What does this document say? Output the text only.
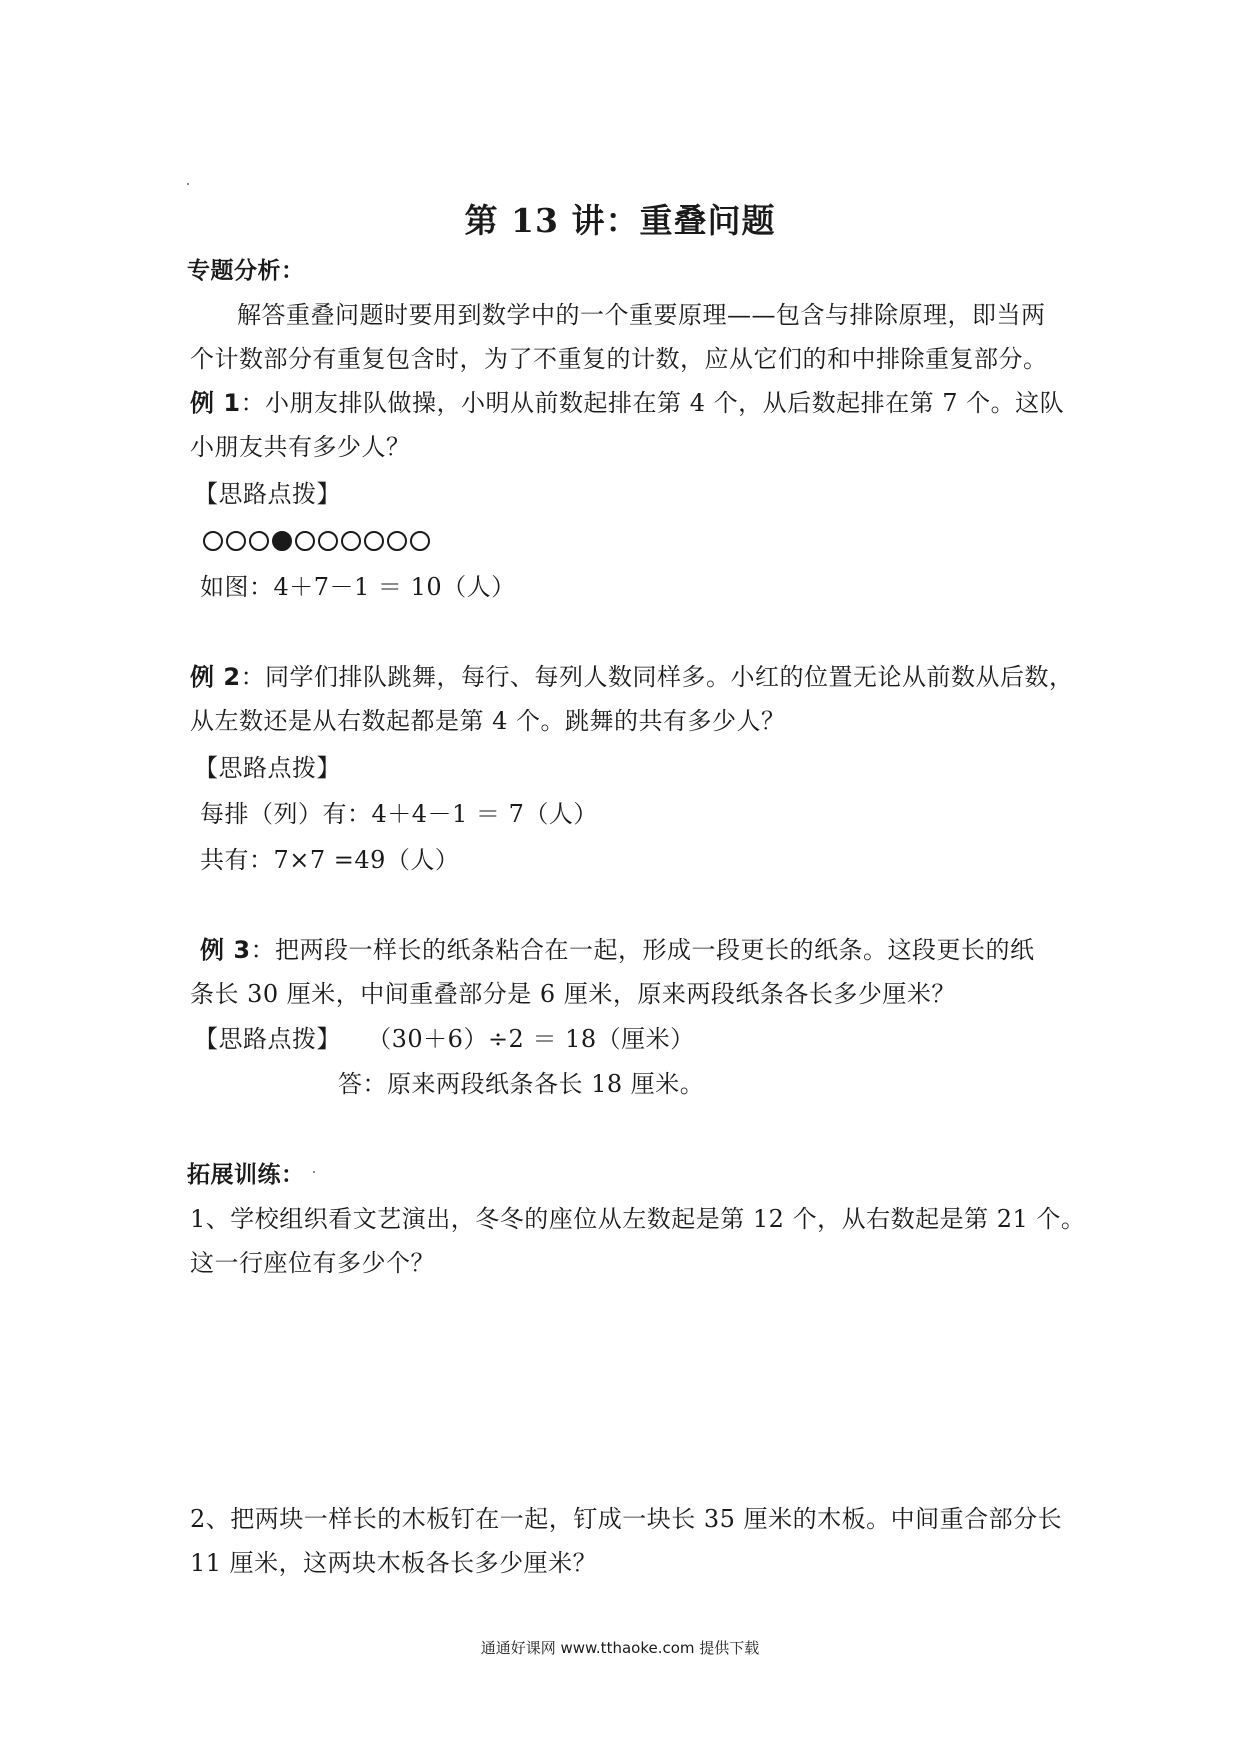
第 13 讲：重叠问题
专题分析：
解答重叠问题时要用到数学中的一个重要原理——包含与排除原理，即当两
个计数部分有重复包含时，为了不重复的计数，应从它们的和中排除重复部分。
例 1：小朋友排队做操，小明从前数起排在第 4 个，从后数起排在第 7 个。这队
小朋友共有多少人？
【思路点拨】
如图：4＋7－1 ＝ 10（人）
例 2：同学们排队跳舞，每行、每列人数同样多。小红的位置无论从前数从后数，
从左数还是从右数起都是第 4 个。跳舞的共有多少人？
【思路点拨】
每排（列）有：4＋4－1 ＝ 7（人）
共有：7×7 =49（人）
例 3：把两段一样长的纸条粘合在一起，形成一段更长的纸条。这段更长的纸
条长 30 厘米，中间重叠部分是 6 厘米，原来两段纸条各长多少厘米？
【思路点拨】 （30＋6）÷2 ＝ 18（厘米）
答：原来两段纸条各长 18 厘米。
拓展训练：
1、学校组织看文艺演出，冬冬的座位从左数起是第 12 个，从右数起是第 21 个。
这一行座位有多少个？
2、把两块一样长的木板钉在一起，钉成一块长 35 厘米的木板。中间重合部分长
11 厘米，这两块木板各长多少厘米？
通通好课网 www.tthaoke.com 提供下载
